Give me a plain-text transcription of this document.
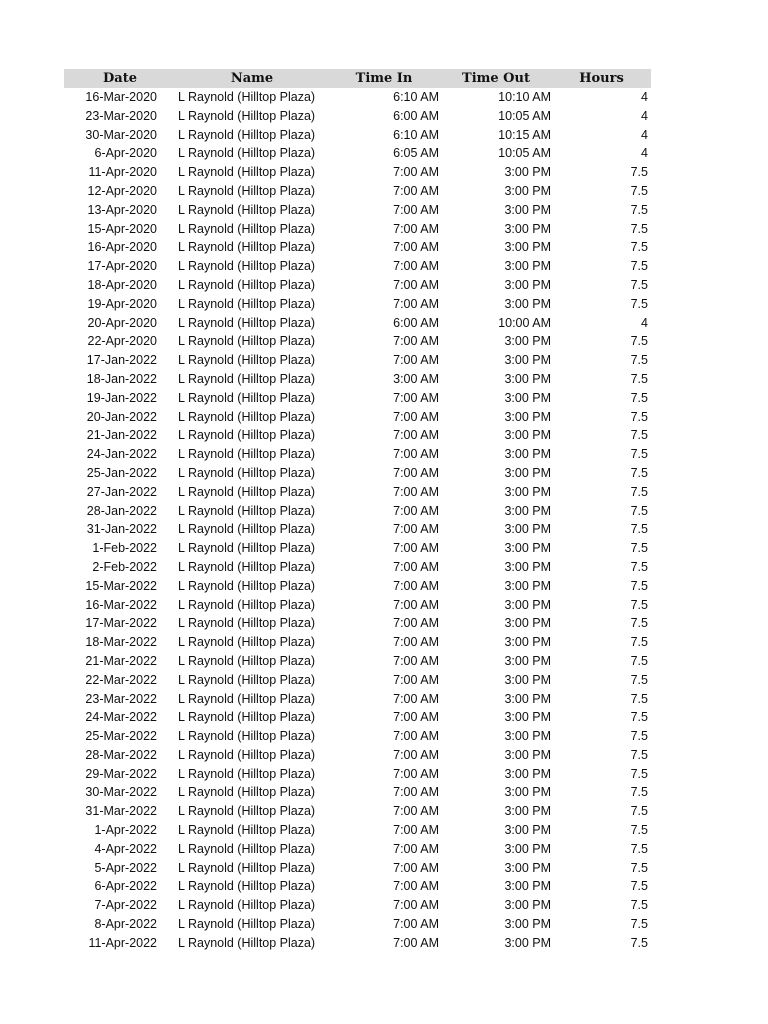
Date	Name	Time In	Time Out	Hours
16-Mar-2020	L Raynold (Hilltop Plaza)	6:10 AM	10:10 AM	4
23-Mar-2020	L Raynold (Hilltop Plaza)	6:00 AM	10:05 AM	4
30-Mar-2020	L Raynold (Hilltop Plaza)	6:10 AM	10:15 AM	4
6-Apr-2020	L Raynold (Hilltop Plaza)	6:05 AM	10:05 AM	4
11-Apr-2020	L Raynold (Hilltop Plaza)	7:00 AM	3:00 PM	7.5
12-Apr-2020	L Raynold (Hilltop Plaza)	7:00 AM	3:00 PM	7.5
13-Apr-2020	L Raynold (Hilltop Plaza)	7:00 AM	3:00 PM	7.5
15-Apr-2020	L Raynold (Hilltop Plaza)	7:00 AM	3:00 PM	7.5
16-Apr-2020	L Raynold (Hilltop Plaza)	7:00 AM	3:00 PM	7.5
17-Apr-2020	L Raynold (Hilltop Plaza)	7:00 AM	3:00 PM	7.5
18-Apr-2020	L Raynold (Hilltop Plaza)	7:00 AM	3:00 PM	7.5
19-Apr-2020	L Raynold (Hilltop Plaza)	7:00 AM	3:00 PM	7.5
20-Apr-2020	L Raynold (Hilltop Plaza)	6:00 AM	10:00 AM	4
22-Apr-2020	L Raynold (Hilltop Plaza)	7:00 AM	3:00 PM	7.5
17-Jan-2022	L Raynold (Hilltop Plaza)	7:00 AM	3:00 PM	7.5
18-Jan-2022	L Raynold (Hilltop Plaza)	3:00 AM	3:00 PM	7.5
19-Jan-2022	L Raynold (Hilltop Plaza)	7:00 AM	3:00 PM	7.5
20-Jan-2022	L Raynold (Hilltop Plaza)	7:00 AM	3:00 PM	7.5
21-Jan-2022	L Raynold (Hilltop Plaza)	7:00 AM	3:00 PM	7.5
24-Jan-2022	L Raynold (Hilltop Plaza)	7:00 AM	3:00 PM	7.5
25-Jan-2022	L Raynold (Hilltop Plaza)	7:00 AM	3:00 PM	7.5
27-Jan-2022	L Raynold (Hilltop Plaza)	7:00 AM	3:00 PM	7.5
28-Jan-2022	L Raynold (Hilltop Plaza)	7:00 AM	3:00 PM	7.5
31-Jan-2022	L Raynold (Hilltop Plaza)	7:00 AM	3:00 PM	7.5
1-Feb-2022	L Raynold (Hilltop Plaza)	7:00 AM	3:00 PM	7.5
2-Feb-2022	L Raynold (Hilltop Plaza)	7:00 AM	3:00 PM	7.5
15-Mar-2022	L Raynold (Hilltop Plaza)	7:00 AM	3:00 PM	7.5
16-Mar-2022	L Raynold (Hilltop Plaza)	7:00 AM	3:00 PM	7.5
17-Mar-2022	L Raynold (Hilltop Plaza)	7:00 AM	3:00 PM	7.5
18-Mar-2022	L Raynold (Hilltop Plaza)	7:00 AM	3:00 PM	7.5
21-Mar-2022	L Raynold (Hilltop Plaza)	7:00 AM	3:00 PM	7.5
22-Mar-2022	L Raynold (Hilltop Plaza)	7:00 AM	3:00 PM	7.5
23-Mar-2022	L Raynold (Hilltop Plaza)	7:00 AM	3:00 PM	7.5
24-Mar-2022	L Raynold (Hilltop Plaza)	7:00 AM	3:00 PM	7.5
25-Mar-2022	L Raynold (Hilltop Plaza)	7:00 AM	3:00 PM	7.5
28-Mar-2022	L Raynold (Hilltop Plaza)	7:00 AM	3:00 PM	7.5
29-Mar-2022	L Raynold (Hilltop Plaza)	7:00 AM	3:00 PM	7.5
30-Mar-2022	L Raynold (Hilltop Plaza)	7:00 AM	3:00 PM	7.5
31-Mar-2022	L Raynold (Hilltop Plaza)	7:00 AM	3:00 PM	7.5
1-Apr-2022	L Raynold (Hilltop Plaza)	7:00 AM	3:00 PM	7.5
4-Apr-2022	L Raynold (Hilltop Plaza)	7:00 AM	3:00 PM	7.5
5-Apr-2022	L Raynold (Hilltop Plaza)	7:00 AM	3:00 PM	7.5
6-Apr-2022	L Raynold (Hilltop Plaza)	7:00 AM	3:00 PM	7.5
7-Apr-2022	L Raynold (Hilltop Plaza)	7:00 AM	3:00 PM	7.5
8-Apr-2022	L Raynold (Hilltop Plaza)	7:00 AM	3:00 PM	7.5
11-Apr-2022	L Raynold (Hilltop Plaza)	7:00 AM	3:00 PM	7.5
